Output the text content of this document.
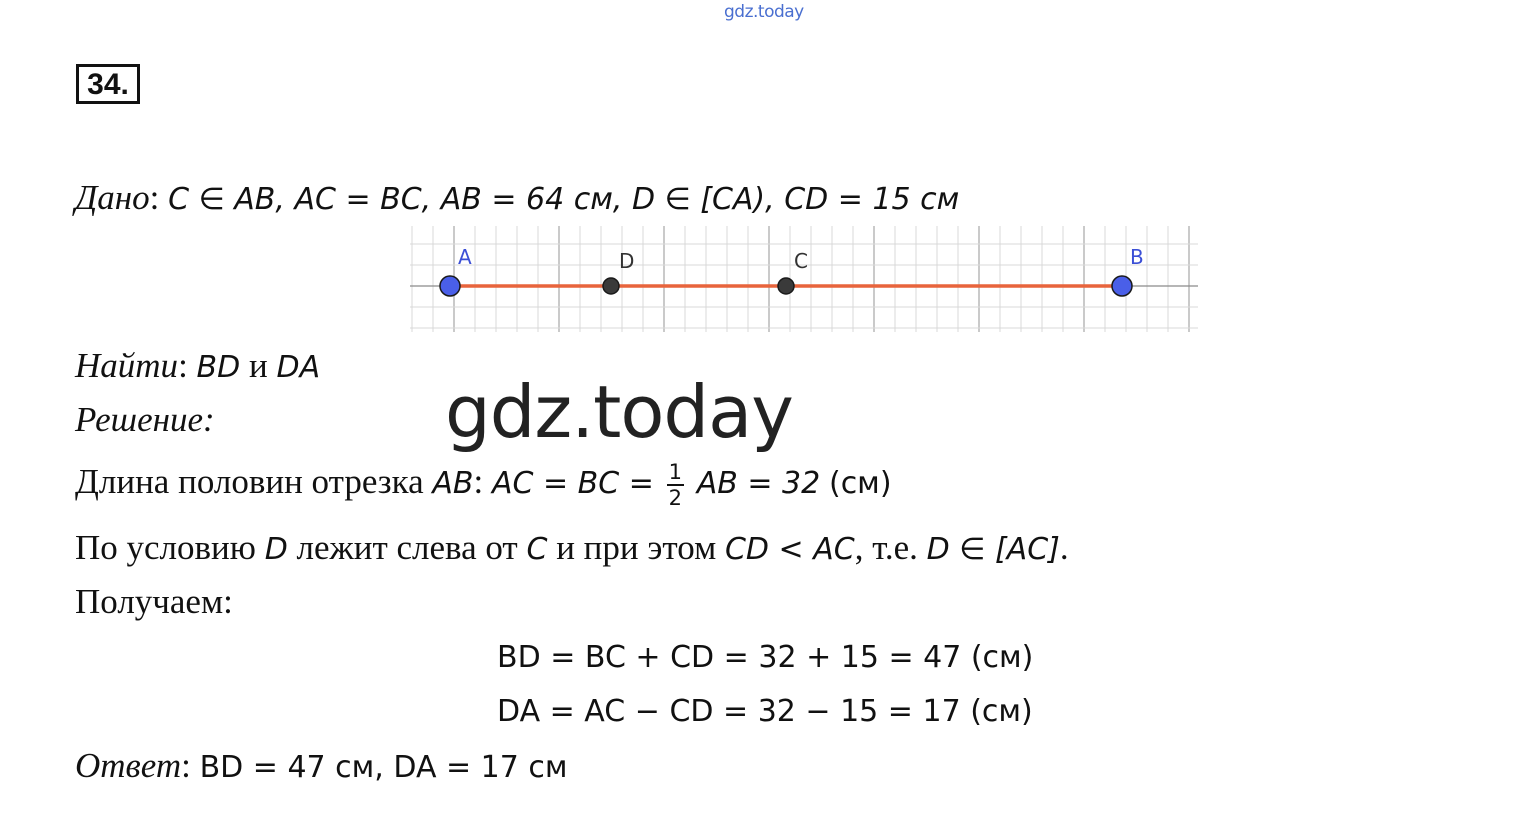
gdz.today
34.
Дано: C ∈ AB, AC = BC, AB = 64 см, D ∈ [CA), CD = 15 см
A	D	C	B
Найти: BD и DA
Решение:	gdz.today
Длина половин отрезка AB: AC = BC = $\frac{1}{2}$ AB = 32 (см)
По условию D лежит слева от C и при этом CD < AC, т.е. D ∈ [AC].
Получаем:
BD = BC + CD = 32 + 15 = 47 (см)
DA = AC − CD = 32 − 15 = 17 (см)
Ответ: BD = 47 см, DA = 17 см
